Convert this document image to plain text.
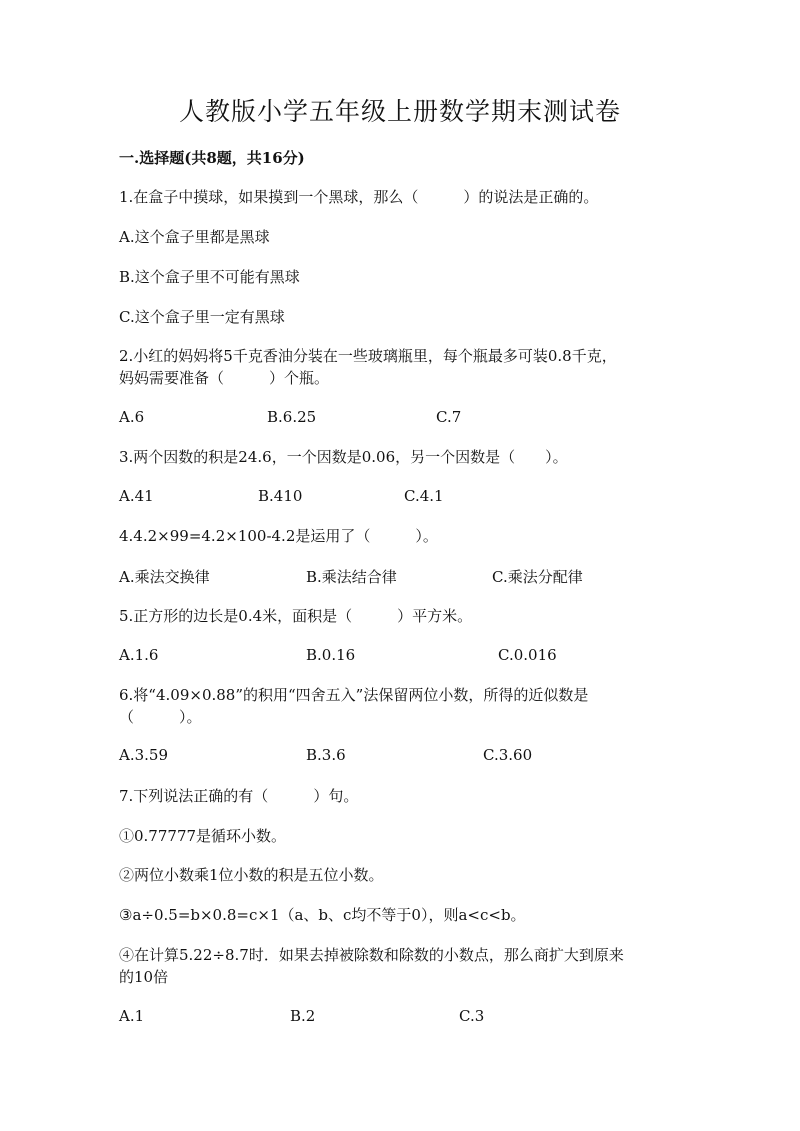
人教版小学五年级上册数学期末测试卷
一.选择题(共8题，共16分)
1.在盒子中摸球，如果摸到一个黑球，那么（　　　）的说法是正确的。
A.这个盒子里都是黑球
B.这个盒子里不可能有黑球
C.这个盒子里一定有黑球
2.小红的妈妈将5千克香油分装在一些玻璃瓶里，每个瓶最多可装0.8千克，
妈妈需要准备（　　　）个瓶。
A.6	B.6.25	C.7
3.两个因数的积是24.6，一个因数是0.06，另一个因数是（　　）。
A.41	B.410	C.4.1
4.4.2×99=4.2×100-4.2是运用了（　　　）。
A.乘法交换律	B.乘法结合律	C.乘法分配律
5.正方形的边长是0.4米，面积是（　　　）平方米。
A.1.6	B.0.16	C.0.016
6.将“4.09×0.88”的积用“四舍五入”法保留两位小数，所得的近似数是
（　　　）。
A.3.59	B.3.6	C.3.60
7.下列说法正确的有（　　　）句。
①0.77777是循环小数。
②两位小数乘1位小数的积是五位小数。
③a÷0.5=b×0.8=c×1（a、b、c均不等于0），则a<c<b。
④在计算5.22÷8.7时．如果去掉被除数和除数的小数点，那么商扩大到原来
的10倍
A.1	B.2	C.3
